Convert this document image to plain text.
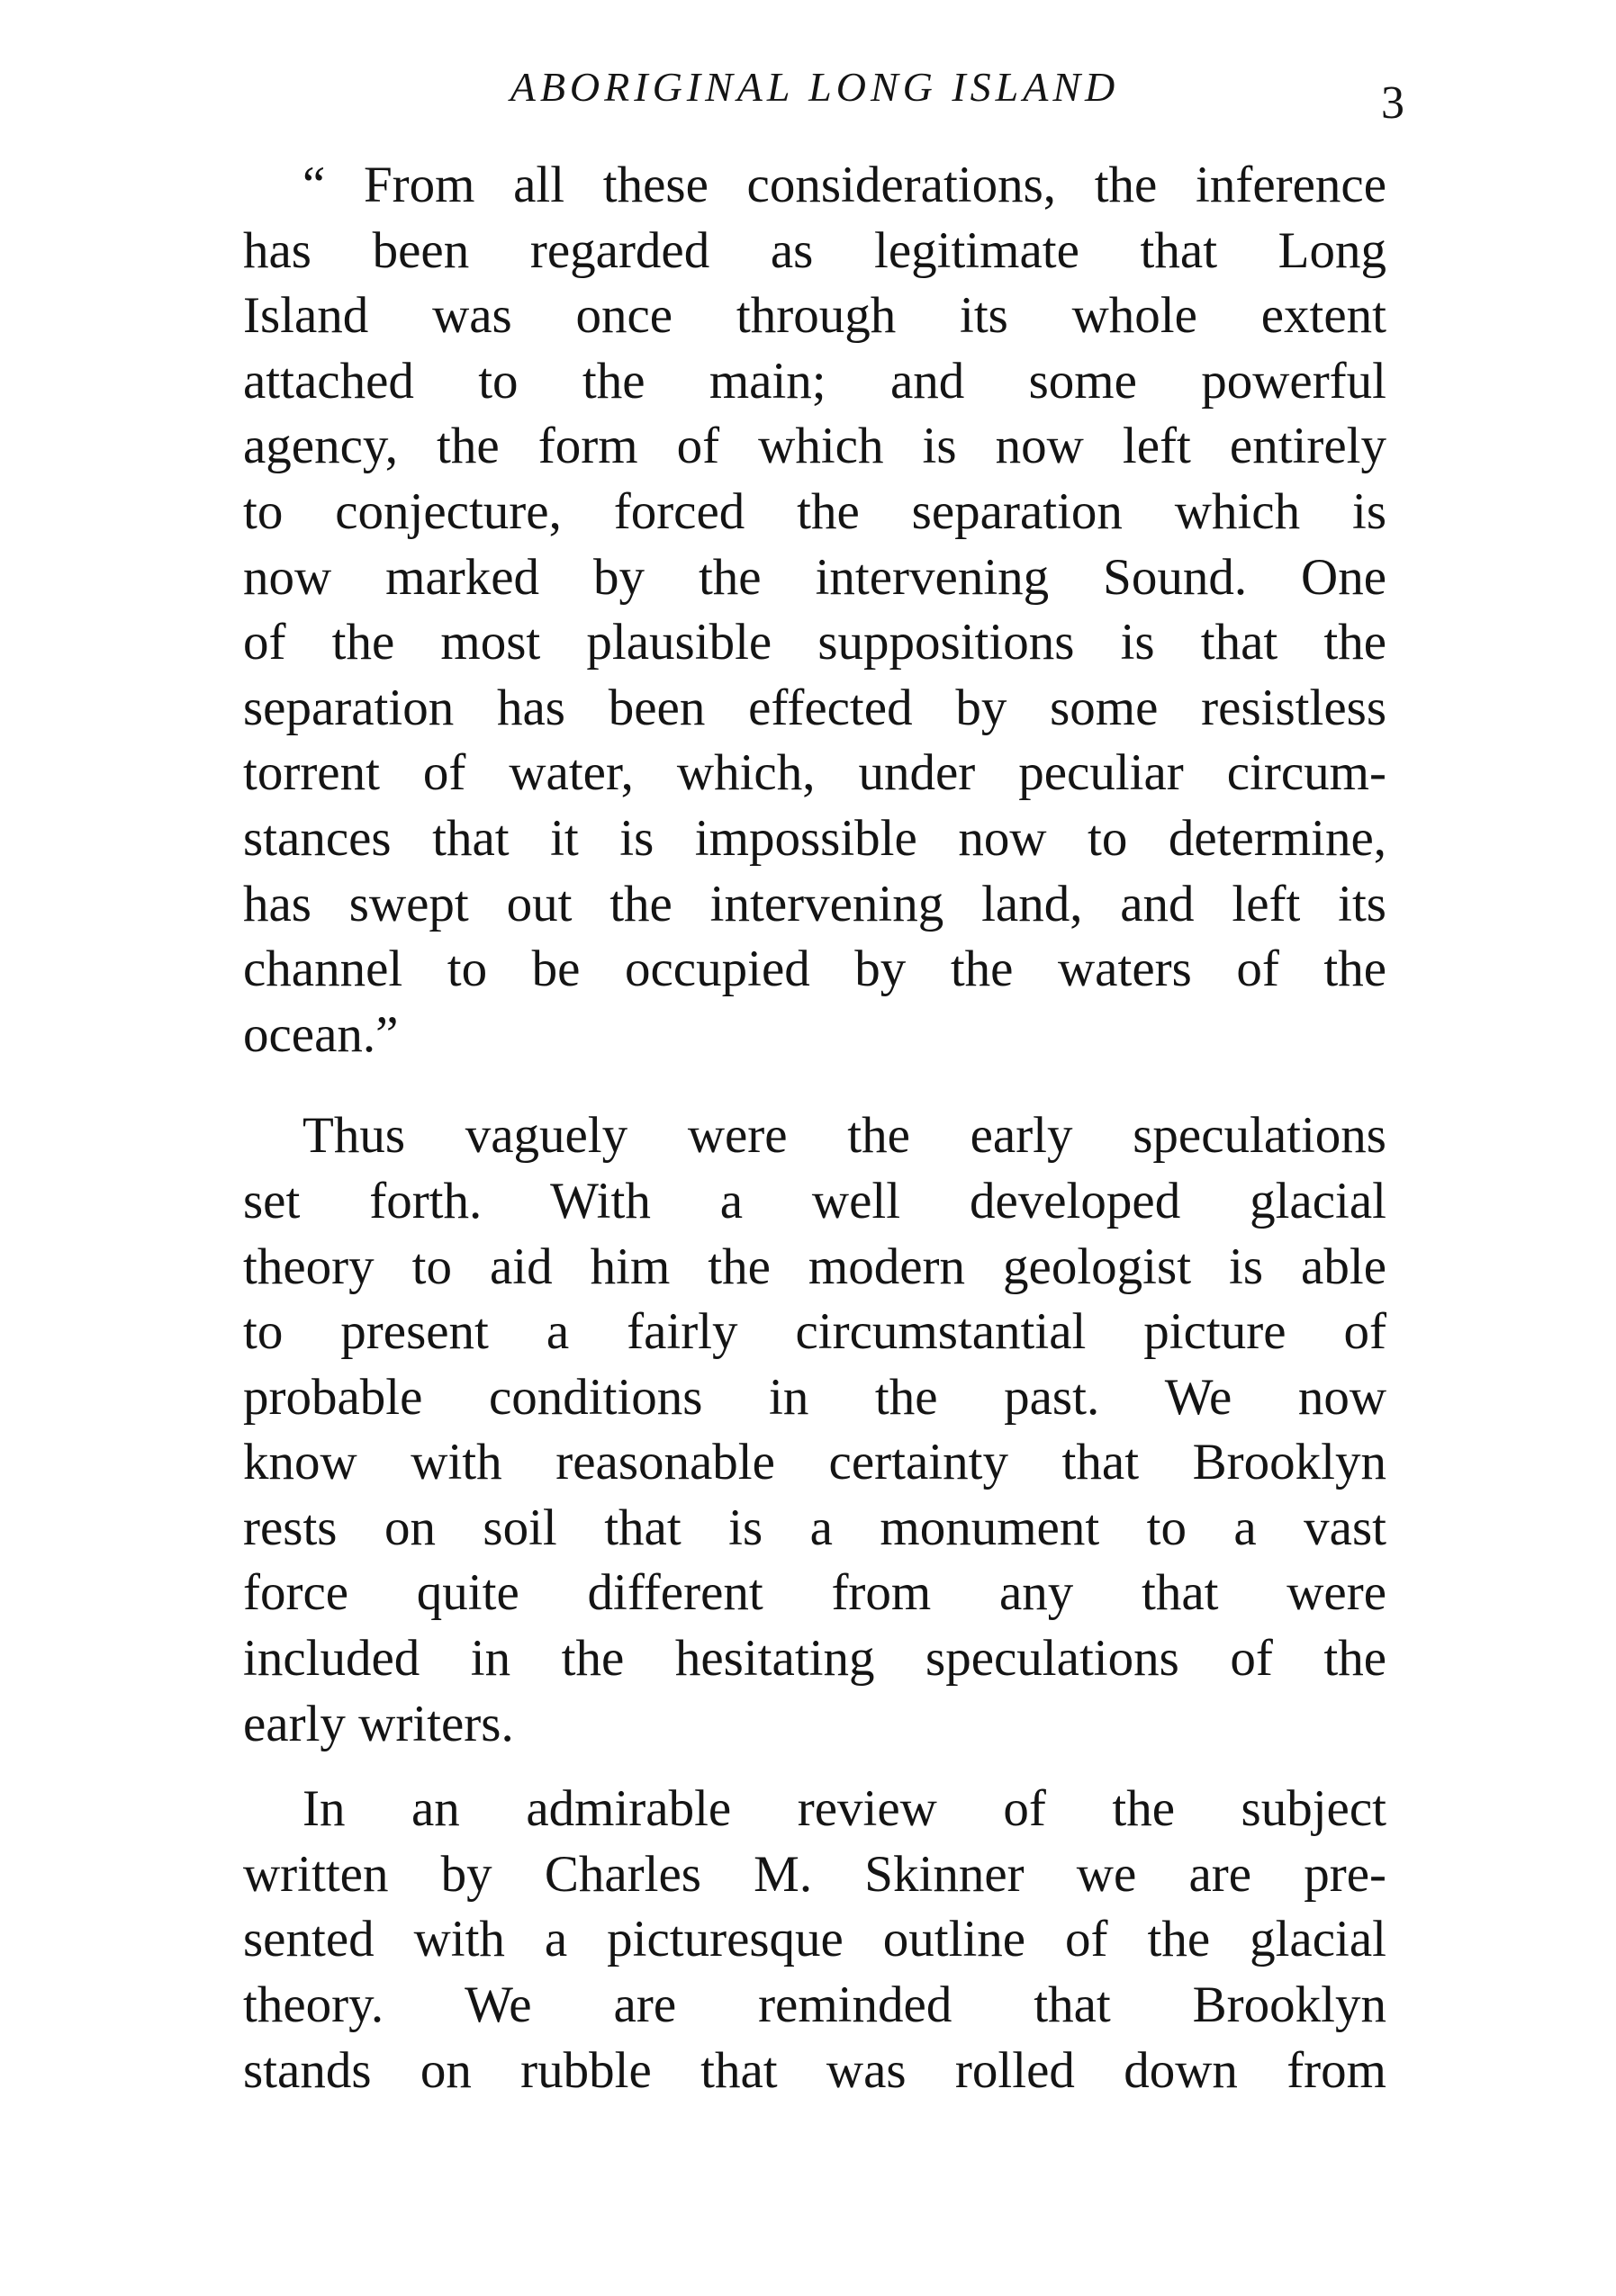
ABORIGINAL LONG ISLAND	3
“ From all these considerations, the inference
has been regarded as legitimate that Long
Island was once through its whole extent
attached to the main; and some powerful
agency, the form of which is now left entirely
to conjecture, forced the separation which is
now marked by the intervening Sound. One
of the most plausible suppositions is that the
separation has been effected by some resistless
torrent of water, which, under peculiar circum-
stances that it is impossible now to determine,
has swept out the intervening land, and left its
channel to be occupied by the waters of the
ocean.”
Thus vaguely were the early speculations
set forth. With a well developed glacial
theory to aid him the modern geologist is able
to present a fairly circumstantial picture of
probable conditions in the past. We now
know with reasonable certainty that Brooklyn
rests on soil that is a monument to a vast
force quite different from any that were
included in the hesitating speculations of the
early writers.
In an admirable review of the subject
written by Charles M. Skinner we are pre-
sented with a picturesque outline of the glacial
theory. We are reminded that Brooklyn
stands on rubble that was rolled down from
